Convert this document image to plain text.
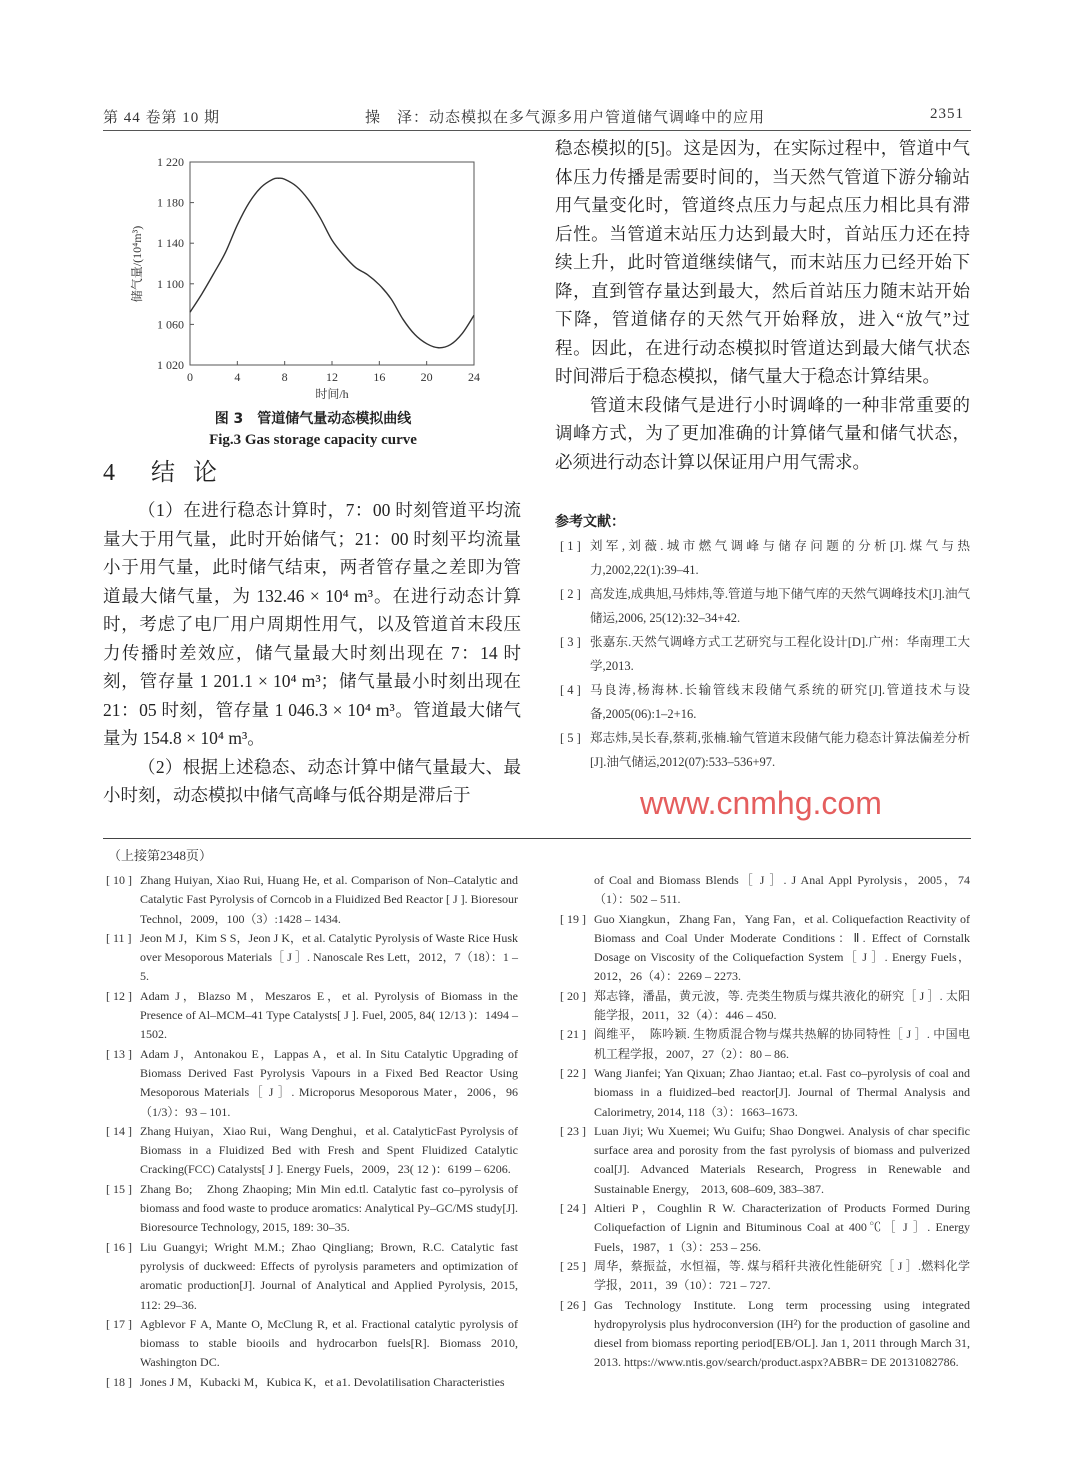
第 44 卷第 10 期	操　泽：动态模拟在多气源多用户管道储气调峰中的应用	2351
0	4	8	12	16	20	24
1 020
1 060
1 100
1 140
1 180
1 220
时间/h
储气量/(10⁴m³)
图 3　管道储气量动态模拟曲线
Fig.3 Gas storage capacity curve
4　结 论

（1）在进行稳态计算时，7：00 时刻管道平均流量大于用气量，此时开始储气；21：00 时刻平均流量小于用气量，此时储气结束，两者管存量之差即为管道最大储气量，为 132.46 × 10⁴ m³。在进行动态计算时，考虑了电厂用户周期性用气，以及管道首末段压力传播时差效应，储气量最大时刻出现在 7：14 时刻，管存量 1 201.1 × 10⁴ m³；储气量最小时刻出现在 21：05 时刻，管存量 1 046.3 × 10⁴ m³。管道最大储气量为 154.8 × 10⁴ m³。

（2）根据上述稳态、动态计算中储气量最大、最小时刻，动态模拟中储气高峰与低谷期是滞后于

稳态模拟的[5]。这是因为，在实际过程中，管道中气体压力传播是需要时间的，当天然气管道下游分输站用气量变化时，管道终点压力与起点压力相比具有滞后性。当管道末站压力达到最大时，首站压力还在持续上升，此时管道继续储气，而末站压力已经开始下降，直到管存量达到最大，然后首站压力随末站开始下降，管道储存的天然气开始释放，进入“放气”过程。因此，在进行动态模拟时管道达到最大储气状态时间滞后于稳态模拟，储气量大于稳态计算结果。

管道末段储气是进行小时调峰的一种非常重要的调峰方式，为了更加准确的计算储气量和储气状态，必须进行动态计算以保证用户用气需求。

参考文献：
[ 1 ] 刘军,刘薇.城市燃气调峰与储存问题的分析[J].煤气与热力,2002,22(1):39–41.
[ 2 ] 高发连,成典旭,马炜炜,等.管道与地下储气库的天然气调峰技术[J].油气储运,2006, 25(12):32–34+42.
[ 3 ] 张嘉东.天然气调峰方式工艺研究与工程化设计[D].广州：华南理工大学,2013.
[ 4 ] 马良涛,杨海林.长输管线末段储气系统的研究[J].管道技术与设备,2005(06):1–2+16.
[ 5 ] 郑志炜,吴长春,蔡莉,张楠.输气管道末段储气能力稳态计算法偏差分析[J].油气储运,2012(07):533–536+97.
（上接第2348页）
[ 10 ] Zhang Huiyan, Xiao Rui, Huang He, et al. Comparison of Non–Catalytic and Catalytic Fast Pyrolysis of Corncob in a Fluidized Bed Reactor [ J ]. Bioresour Technol，2009，100（3）:1428 – 1434.
[ 11 ] Jeon M J，Kim S S，Jeon J K，et al. Catalytic Pyrolysis of Waste Rice Husk over Mesoporous Materials［ J ］. Nanoscale Res Lett，2012，7（18）：1 – 5.
[ 12 ] Adam J，Blazso M，Meszaros E，et al. Pyrolysis of Biomass in the Presence of Al–MCM–41 Type Catalysts[ J ]. Fuel, 2005, 84( 12/13 )：1494 – 1502.
[ 13 ] Adam J，Antonakou E，Lappas A，et al. In Situ Catalytic Upgrading of Biomass Derived Fast Pyrolysis Vapours in a Fixed Bed Reactor Using Mesoporous Materials［ J ］. Microporus Mesoporous Mater，2006，96（1/3）：93 – 101.
[ 14 ] Zhang Huiyan，Xiao Rui，Wang Denghui，et al. CatalyticFast Pyrolysis of Biomass in a Fluidized Bed with Fresh and Spent Fluidized Catalytic Cracking(FCC) Catalysts[ J ]. Energy Fuels，2009，23( 12 )：6199 – 6206.
[ 15 ] Zhang Bo;　Zhong Zhaoping; Min Min ed.tl. Catalytic fast co–pyrolysis of biomass and food waste to produce aromatics: Analytical Py–GC/MS study[J]. Bioresource Technology, 2015, 189: 30–35.
[ 16 ] Liu Guangyi; Wright M.M.; Zhao Qingliang; Brown, R.C. Catalytic fast pyrolysis of duckweed: Effects of pyrolysis parameters and optimization of aromatic production[J]. Journal of Analytical and Applied Pyrolysis, 2015, 112: 29–36.
[ 17 ] Agblevor F A, Mante O, McClung R, et al. Fractional catalytic pyrolysis of biomass to stable biooils and hydrocarbon fuels[R]. Biomass 2010, Washington DC.
[ 18 ] Jones J M，Kubacki M，Kubica K，et a1. Devolatilisation Characteristies
of Coal and Biomass Blends［ J ］. J Anal Appl Pyrolysis，2005，74（1）：502 – 511.
[ 19 ] Guo Xiangkun，Zhang Fan，Yang Fan，et al. Coliquefaction Reactivity of Biomass and Coal Under Moderate Conditions：Ⅱ. Effect of Cornstalk Dosage on Viscosity of the Coliquefaction System［ J ］. Energy Fuels，2012，26（4）：2269 – 2273.
[ 20 ] 郑志锋，潘晶，黄元波，等. 壳类生物质与煤共液化的研究［ J ］. 太阳能学报，2011，32（4）：446 – 450.
[ 21 ] 阎维平，　陈吟颖. 生物质混合物与煤共热解的协同特性［ J ］. 中国电机工程学报，2007，27（2）：80 – 86.
[ 22 ] Wang Jianfei; Yan Qixuan; Zhao Jiantao; et.al. Fast co–pyrolysis of coal and biomass in a fluidized–bed reactor[J]. Journal of Thermal Analysis and Calorimetry, 2014, 118（3）：1663–1673.
[ 23 ] Luan Jiyi; Wu Xuemei; Wu Guifu; Shao Dongwei. Analysis of char specific surface area and porosity from the fast pyrolysis of biomass and pulverized coal[J]. Advanced Materials Research, Progress in Renewable and Sustainable Energy,　2013, 608–609, 383–387.
[ 24 ] Altieri P，Coughlin R W. Characterization of Products Formed During Coliquefaction of Lignin and Bituminous Coal at 400℃［ J ］. Energy Fuels，1987，1（3）：253 – 256.
[ 25 ] 周华，蔡振益，水恒福，等. 煤与稻秆共液化性能研究［ J ］.燃料化学学报，2011，39（10）：721 – 727.
[ 26 ] Gas Technology Institute. Long term processing using integrated hydropyrolysis plus hydroconversion (IH²) for the production of gasoline and diesel from biomass reporting period[EB/OL]. Jan 1, 2011 through March 31, 2013. https://www.ntis.gov/search/product.aspx?ABBR= DE 20131082786.
www.cnmhg.com
